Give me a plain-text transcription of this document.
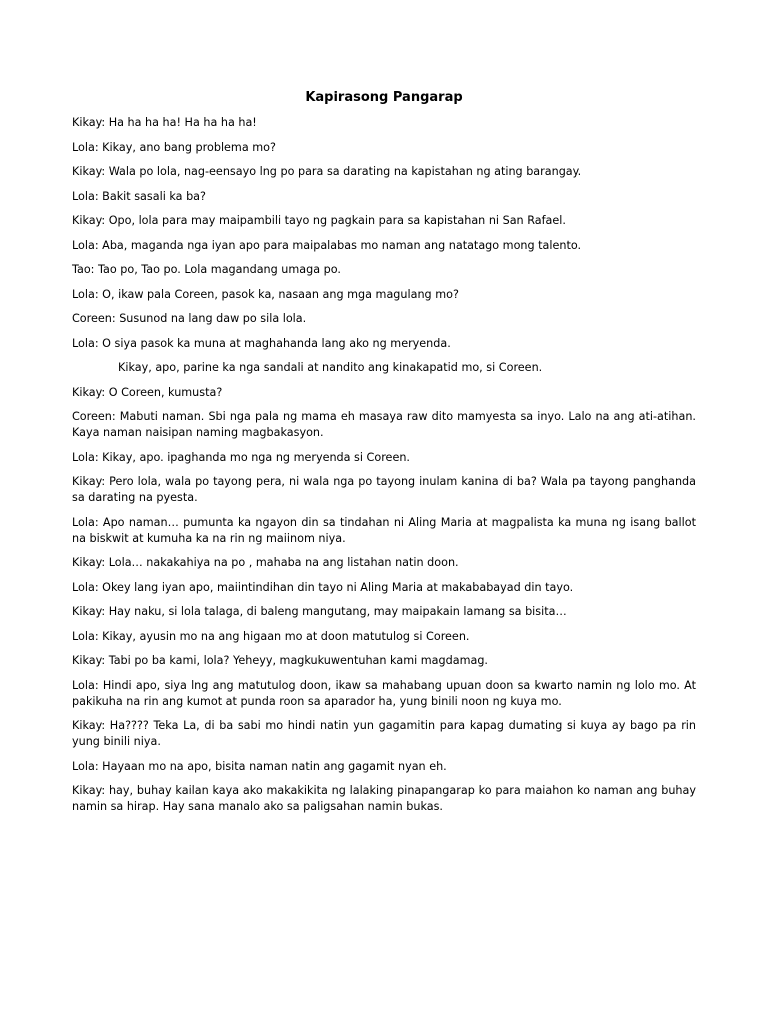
Kapirasong Pangarap

Kikay: Ha ha ha ha! Ha ha ha ha!

Lola: Kikay, ano bang problema mo?

Kikay: Wala po lola, nag-eensayo lng po para sa darating na kapistahan ng ating barangay.

Lola: Bakit sasali ka ba?

Kikay: Opo, lola para may maipambili tayo ng pagkain para sa kapistahan ni San Rafael.

Lola: Aba, maganda nga iyan apo para maipalabas mo naman ang natatago mong talento.

Tao: Tao po, Tao po. Lola magandang umaga po.

Lola: O, ikaw pala Coreen, pasok ka, nasaan ang mga magulang mo?

Coreen: Susunod na lang daw po sila lola.

Lola: O siya pasok ka muna at maghahanda lang ako ng meryenda.

Kikay, apo, parine ka nga sandali at nandito ang kinakapatid mo, si Coreen.

Kikay: O Coreen, kumusta?

Coreen: Mabuti naman. Sbi nga pala ng mama eh masaya raw dito mamyesta sa inyo. Lalo na ang ati-atihan. Kaya naman naisipan naming magbakasyon.

Lola: Kikay, apo. ipaghanda mo nga ng meryenda si Coreen.

Kikay: Pero lola, wala po tayong pera, ni wala nga po tayong inulam kanina di ba? Wala pa tayong panghanda sa darating na pyesta.

Lola: Apo naman… pumunta ka ngayon din sa tindahan ni Aling Maria at magpalista ka muna ng isang ballot na biskwit at kumuha ka na rin ng maiinom niya.

Kikay: Lola… nakakahiya na po , mahaba na ang listahan natin doon.

Lola: Okey lang iyan apo, maiintindihan din tayo ni Aling Maria at makababayad din tayo.

Kikay: Hay naku, si lola talaga, di baleng mangutang, may maipakain lamang sa bisita…

Lola: Kikay, ayusin mo na ang higaan mo at doon matutulog si Coreen.

Kikay: Tabi po ba kami, lola? Yeheyy, magkukuwentuhan kami magdamag.

Lola: Hindi apo, siya lng ang matutulog doon, ikaw sa mahabang upuan doon sa kwarto namin ng lolo mo. At pakikuha na rin ang kumot at punda roon sa aparador ha, yung binili noon ng kuya mo.

Kikay: Ha???? Teka La, di ba sabi mo hindi natin yun gagamitin para kapag dumating si kuya ay bago pa rin yung binili niya.

Lola: Hayaan mo na apo, bisita naman natin ang gagamit nyan eh.

Kikay: hay, buhay kailan kaya ako makakikita ng lalaking pinapangarap ko para maiahon ko naman ang buhay namin sa hirap. Hay sana manalo ako sa paligsahan namin bukas.
